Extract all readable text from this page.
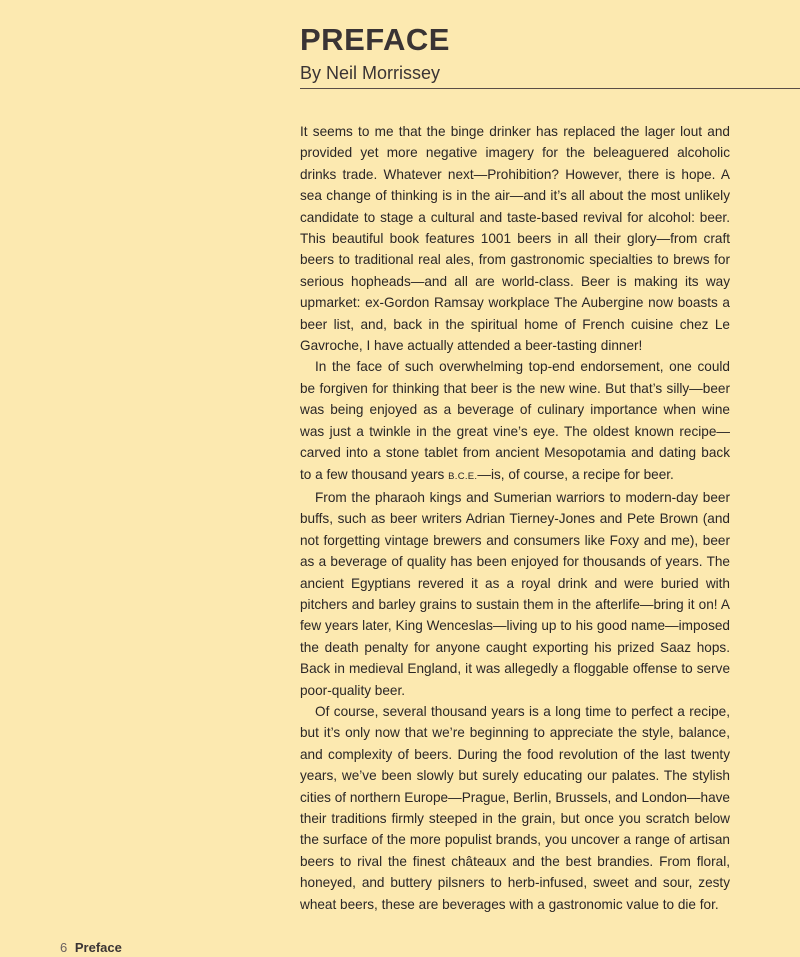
PREFACE
By Neil Morrissey

It seems to me that the binge drinker has replaced the lager lout and provided yet more negative imagery for the beleaguered alcoholic drinks trade. Whatever next—Prohibition? However, there is hope. A sea change of thinking is in the air—and it’s all about the most unlikely candidate to stage a cultural and taste-based revival for alcohol: beer. This beautiful book features 1001 beers in all their glory—from craft beers to traditional real ales, from gastronomic specialties to brews for serious hopheads—and all are world-class. Beer is making its way upmarket: ex-Gordon Ramsay workplace The Aubergine now boasts a beer list, and, back in the spiritual home of French cuisine chez Le Gavroche, I have actually attended a beer-tasting dinner!

In the face of such overwhelming top-end endorsement, one could be forgiven for thinking that beer is the new wine. But that’s silly—beer was being enjoyed as a beverage of culinary importance when wine was just a twinkle in the great vine’s eye. The oldest known recipe—carved into a stone tablet from ancient Mesopotamia and dating back to a few thousand years B.C.E.—is, of course, a recipe for beer.

From the pharaoh kings and Sumerian warriors to modern-day beer buffs, such as beer writers Adrian Tierney-Jones and Pete Brown (and not forgetting vintage brewers and consumers like Foxy and me), beer as a beverage of quality has been enjoyed for thousands of years. The ancient Egyptians revered it as a royal drink and were buried with pitchers and barley grains to sustain them in the afterlife—bring it on! A few years later, King Wenceslas—living up to his good name—imposed the death penalty for anyone caught exporting his prized Saaz hops. Back in medieval England, it was allegedly a floggable offense to serve poor-quality beer.

Of course, several thousand years is a long time to perfect a recipe, but it’s only now that we’re beginning to appreciate the style, balance, and complexity of beers. During the food revolution of the last twenty years, we’ve been slowly but surely educating our palates. The stylish cities of northern Europe—Prague, Berlin, Brussels, and London—have their traditions firmly steeped in the grain, but once you scratch below the surface of the more populist brands, you uncover a range of artisan beers to rival the finest châteaux and the best brandies. From floral, honeyed, and buttery pilsners to herb-infused, sweet and sour, zesty wheat beers, these are beverages with a gastronomic value to die for.

6 Preface
